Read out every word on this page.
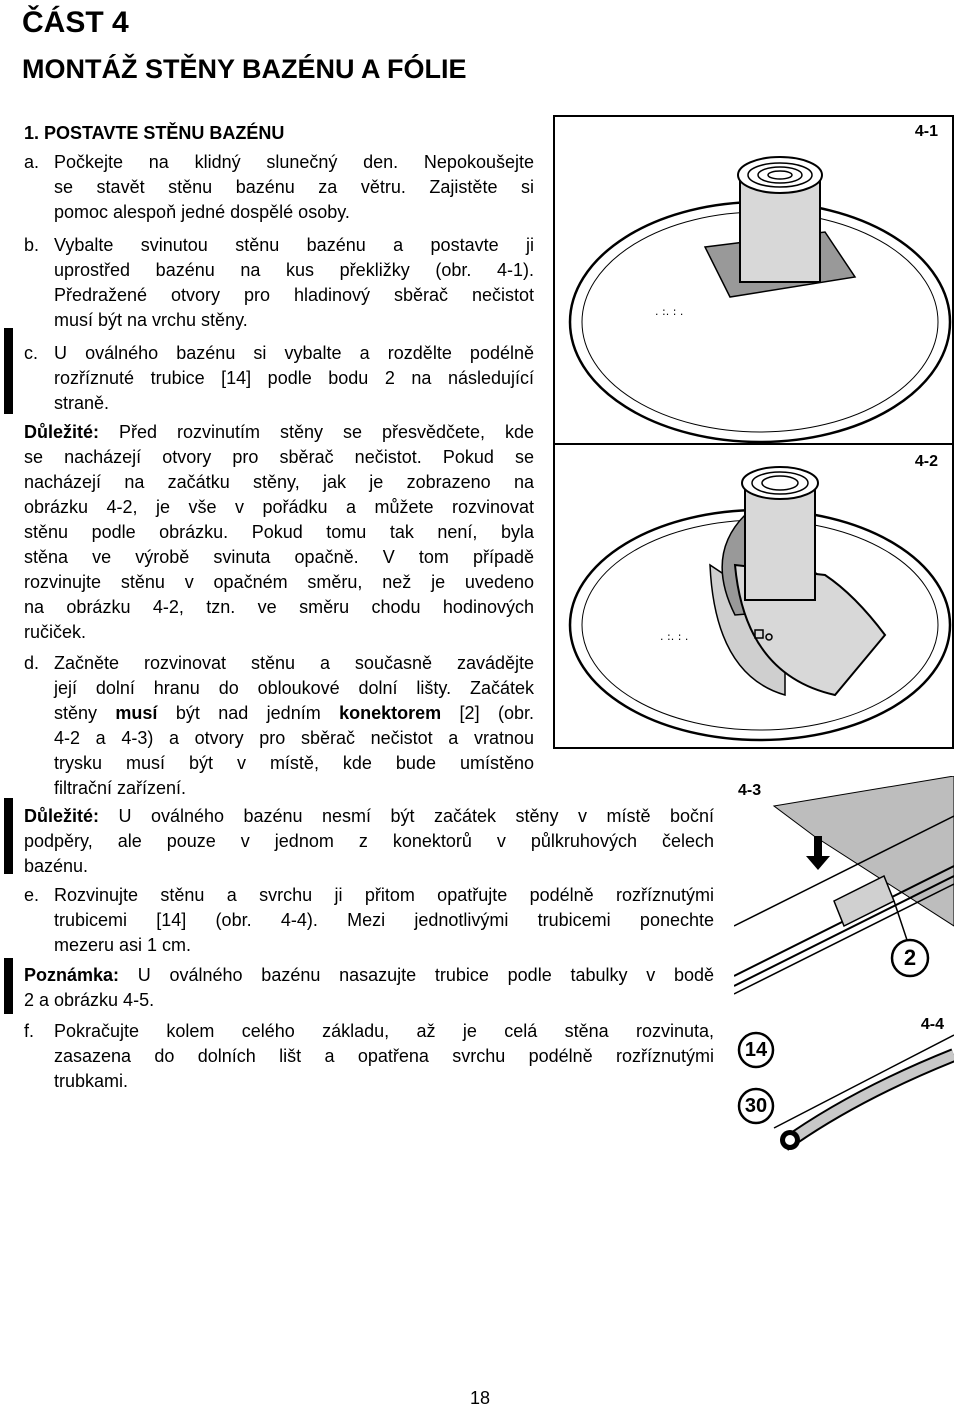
ČÁST 4
MONTÁŽ STĚNY BAZÉNU A FÓLIE
1. POSTAVTE STĚNU BAZÉNU
a. Počkejte na klidný slunečný den. Nepokoušejte
se stavět stěnu bazénu za větru. Zajistěte si
pomoc alespoň jedné dospělé osoby.
b. Vybalte svinutou stěnu bazénu a postavte ji
uprostřed bazénu na kus překližky (obr. 4-1).
Předražené otvory pro hladinový sběrač nečistot
musí být na vrchu stěny.
c. U oválného bazénu si vybalte a rozdělte podélně
rozříznuté trubice [14] podle bodu 2 na následující
straně.
Důležité: Před rozvinutím stěny se přesvědčete, kde
se nacházejí otvory pro sběrač nečistot. Pokud se
nacházejí na začátku stěny, jak je zobrazeno na
obrázku 4-2, je vše v pořádku a můžete rozvinovat
stěnu podle obrázku. Pokud tomu tak není, byla
stěna ve výrobě svinuta opačně. V tom případě
rozvinujte stěnu v opačném směru, než je uvedeno
na obrázku 4-2, tzn. ve směru chodu hodinových
ručiček.
d. Začněte rozvinovat stěnu a současně zavádějte
její dolní hranu do obloukové dolní lišty. Začátek
stěny musí být nad jedním konektorem [2] (obr.
4-2 a 4-3) a otvory pro sběrač nečistot a vratnou
trysku musí být v místě, kde bude umístěno
filtrační zařízení.
Důležité: U oválného bazénu nesmí být začátek stěny v místě boční
podpěry, ale pouze v jednom z konektorů v půlkruhových čelech
bazénu.
e. Rozvinujte stěnu a svrchu ji přitom opatřujte podélně rozříznutými
trubicemi [14] (obr. 4-4). Mezi jednotlivými trubicemi ponechte
mezeru asi 1 cm.
Poznámka: U oválného bazénu nasazujte trubice podle tabulky v bodě
2 a obrázku 4-5.
f. Pokračujte kolem celého základu, až je celá stěna rozvinuta,
zasazena do dolních lišt a opatřena svrchu podélně rozříznutými
trubkami.
. :. : .
4-1
. :. : .
4-2
4-3
2
4-4
14
30
18
